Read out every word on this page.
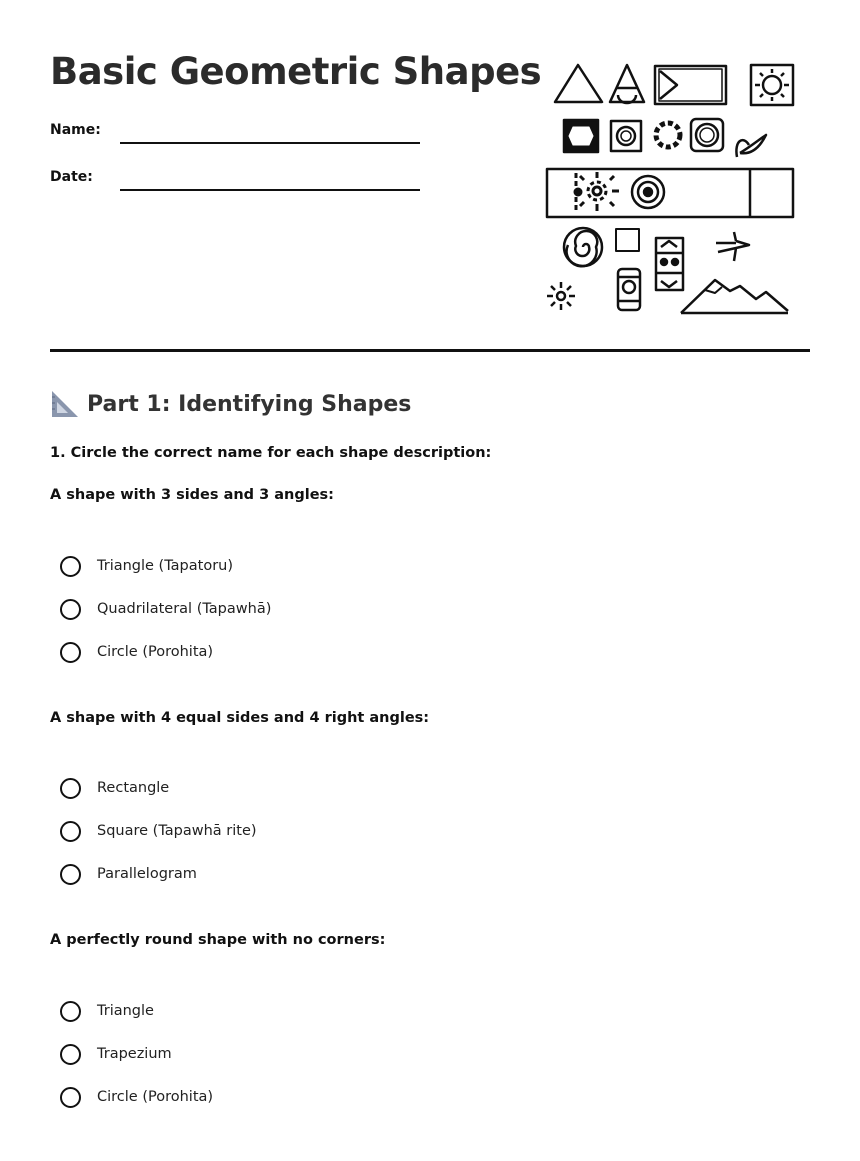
Basic Geometric Shapes
Name:
Date:
Part 1: Identifying Shapes
1. Circle the correct name for each shape description:
A shape with 3 sides and 3 angles:
Triangle (Tapatoru)
Quadrilateral (Tapawhā)
Circle (Porohita)
A shape with 4 equal sides and 4 right angles:
Rectangle
Square (Tapawhā rite)
Parallelogram
A perfectly round shape with no corners:
Triangle
Trapezium
Circle (Porohita)
